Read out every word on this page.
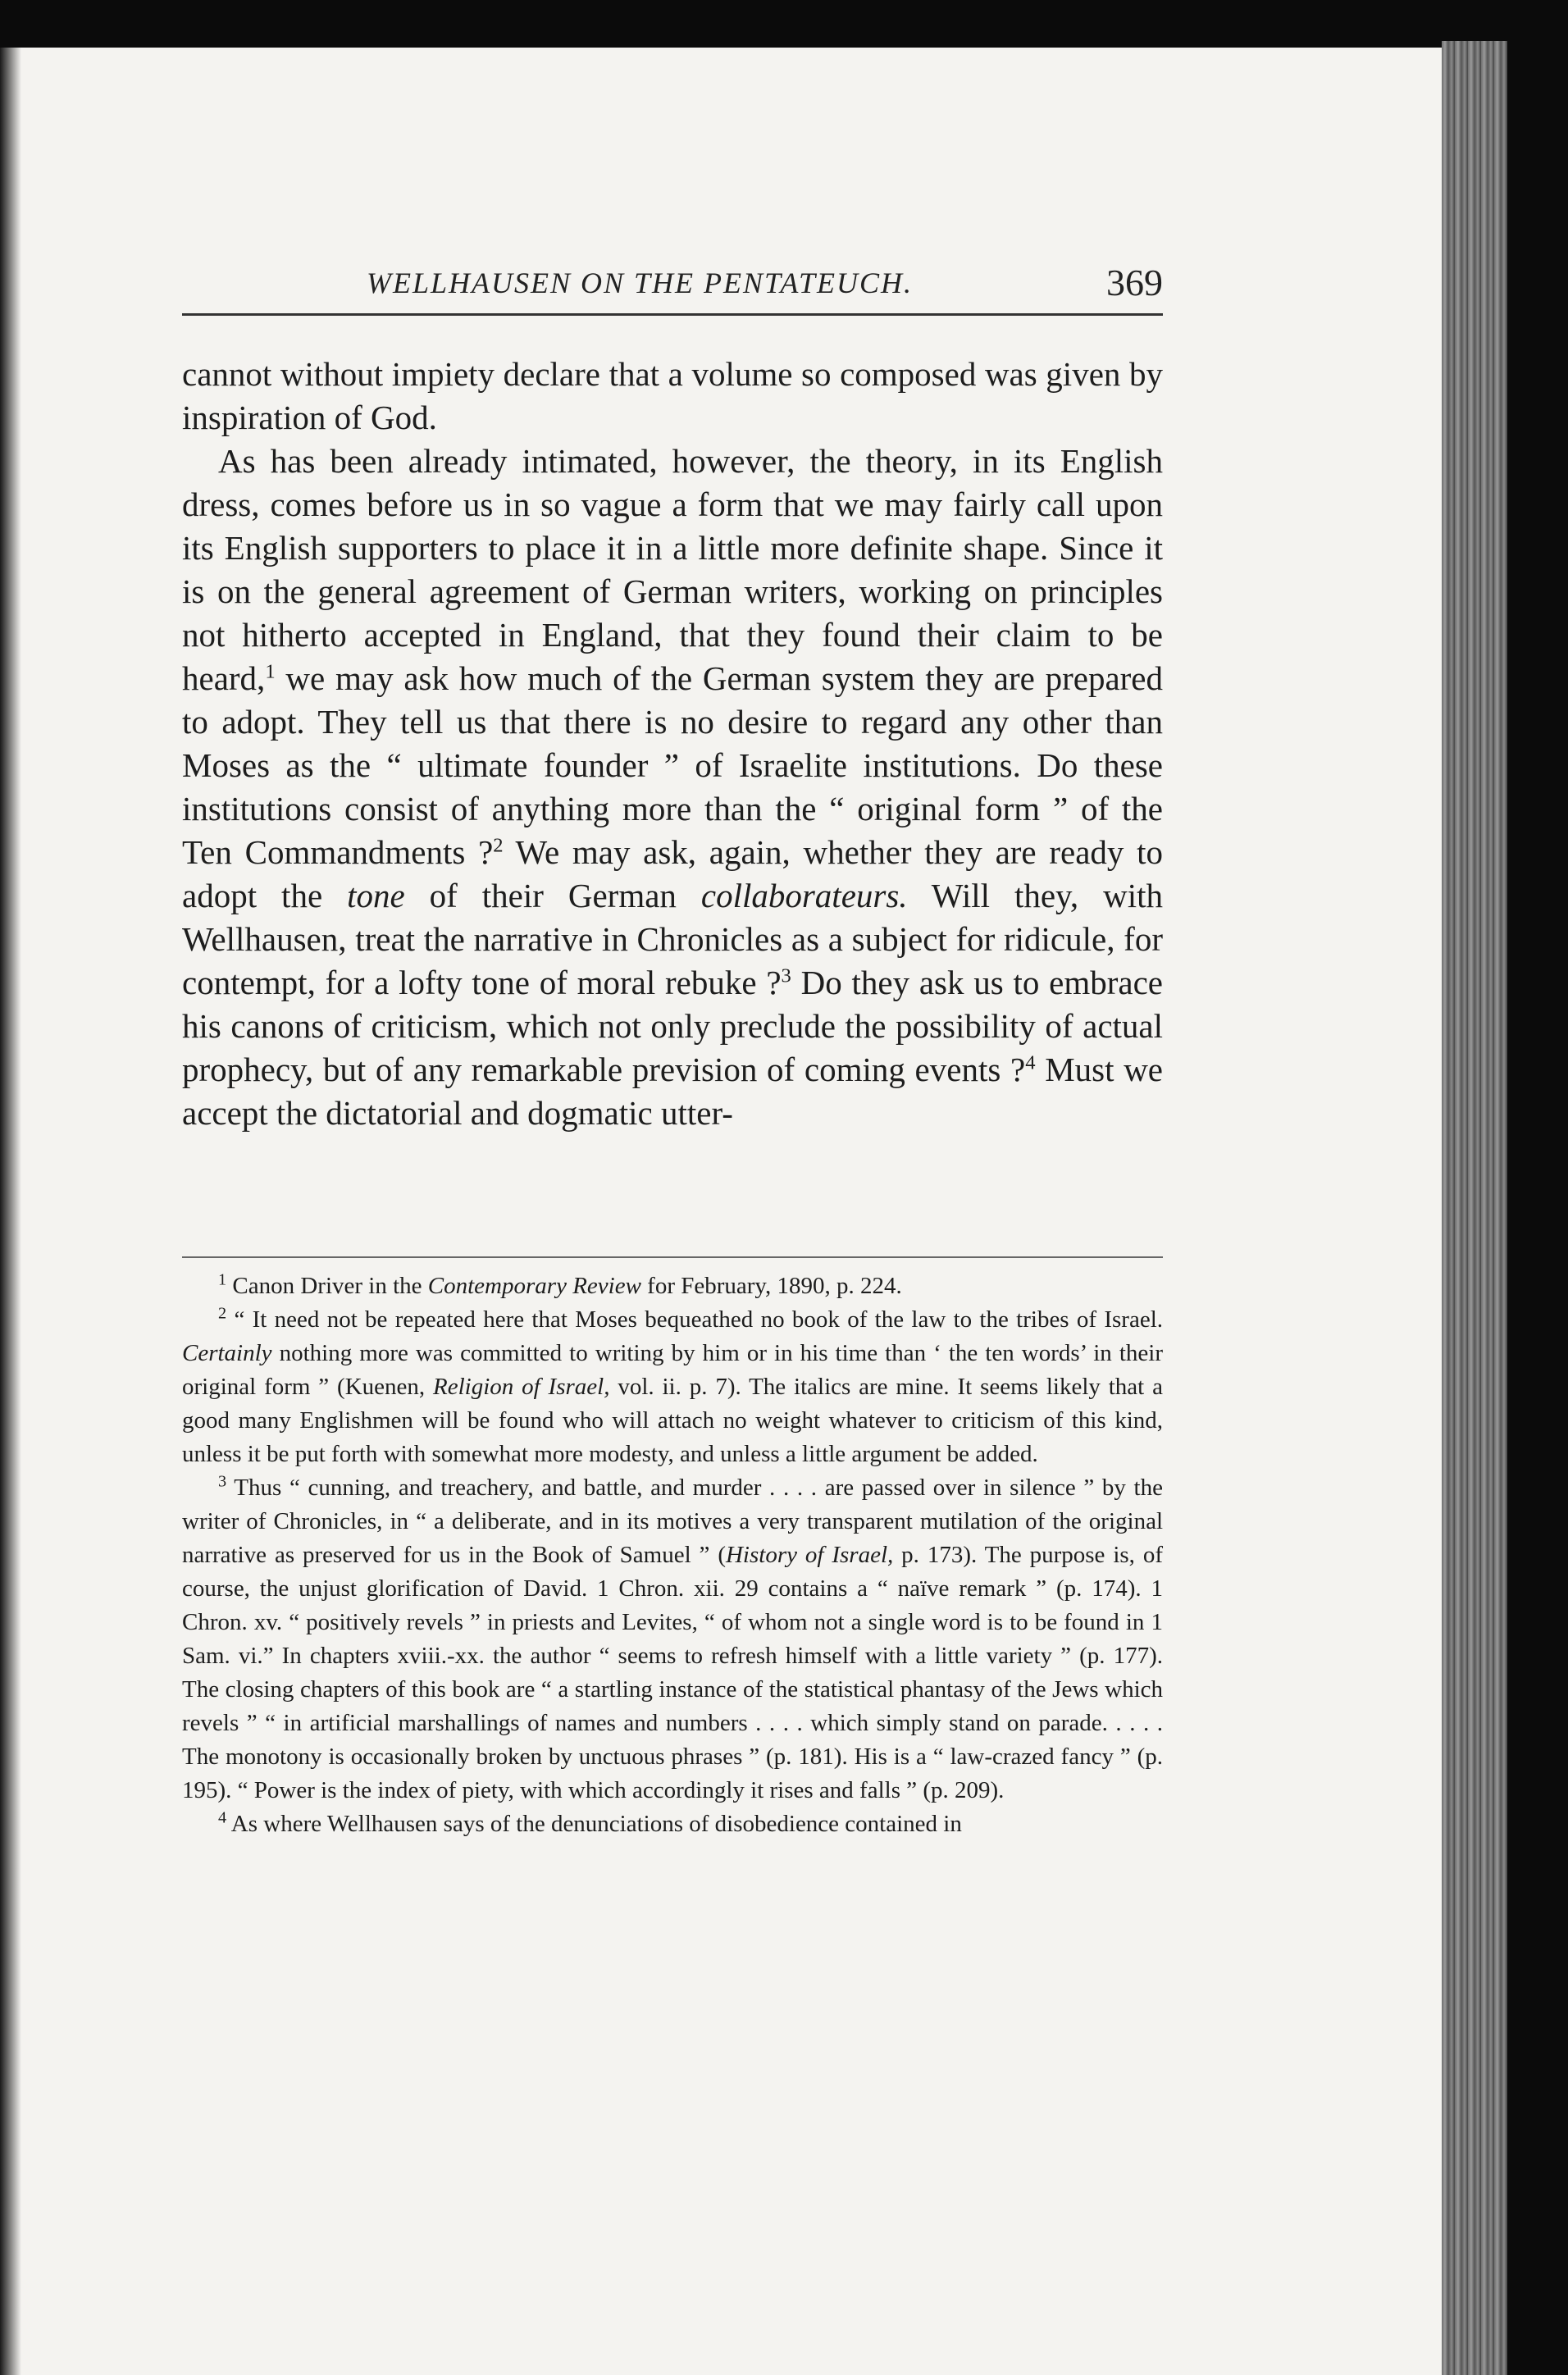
WELLHAUSEN ON THE PENTATEUCH.	369

cannot without impiety declare that a volume so composed was given by inspiration of God.

As has been already intimated, however, the theory, in its English dress, comes before us in so vague a form that we may fairly call upon its English supporters to place it in a little more definite shape. Since it is on the general agreement of German writers, working on principles not hitherto accepted in England, that they found their claim to be heard,$^1$ we may ask how much of the German system they are prepared to adopt. They tell us that there is no desire to regard any other than Moses as the “ ultimate founder ” of Israelite institutions. Do these institutions consist of anything more than the “ original form ” of the Ten Commandments ?$^2$ We may ask, again, whether they are ready to adopt the tone of their German collaborateurs. Will they, with Wellhausen, treat the narrative in Chronicles as a subject for ridicule, for contempt, for a lofty tone of moral rebuke ?$^3$ Do they ask us to embrace his canons of criticism, which not only preclude the possibility of actual prophecy, but of any remarkable prevision of coming events ?$^4$ Must we accept the dictatorial and dogmatic utter-

$^1$ Canon Driver in the Contemporary Review for February, 1890, p. 224.

$^2$ “ It need not be repeated here that Moses bequeathed no book of the law to the tribes of Israel. Certainly nothing more was committed to writing by him or in his time than ‘ the ten words’ in their original form ” (Kuenen, Religion of Israel, vol. ii. p. 7). The italics are mine. It seems likely that a good many Englishmen will be found who will attach no weight whatever to criticism of this kind, unless it be put forth with somewhat more modesty, and unless a little argument be added.

$^3$ Thus “ cunning, and treachery, and battle, and murder . . . . are passed over in silence ” by the writer of Chronicles, in “ a deliberate, and in its motives a very transparent mutilation of the original narrative as preserved for us in the Book of Samuel ” (History of Israel, p. 173). The purpose is, of course, the unjust glorification of David. 1 Chron. xii. 29 contains a “ naïve remark ” (p. 174). 1 Chron. xv. “ positively revels ” in priests and Levites, “ of whom not a single word is to be found in 1 Sam. vi.” In chapters xviii.-xx. the author “ seems to refresh himself with a little variety ” (p. 177). The closing chapters of this book are “ a startling instance of the statistical phantasy of the Jews which revels ” “ in artificial marshallings of names and numbers . . . . which simply stand on parade. . . . . The monotony is occasionally broken by unctuous phrases ” (p. 181). His is a “ law-crazed fancy ” (p. 195). “ Power is the index of piety, with which accordingly it rises and falls ” (p. 209).

$^4$ As where Wellhausen says of the denunciations of disobedience contained in
